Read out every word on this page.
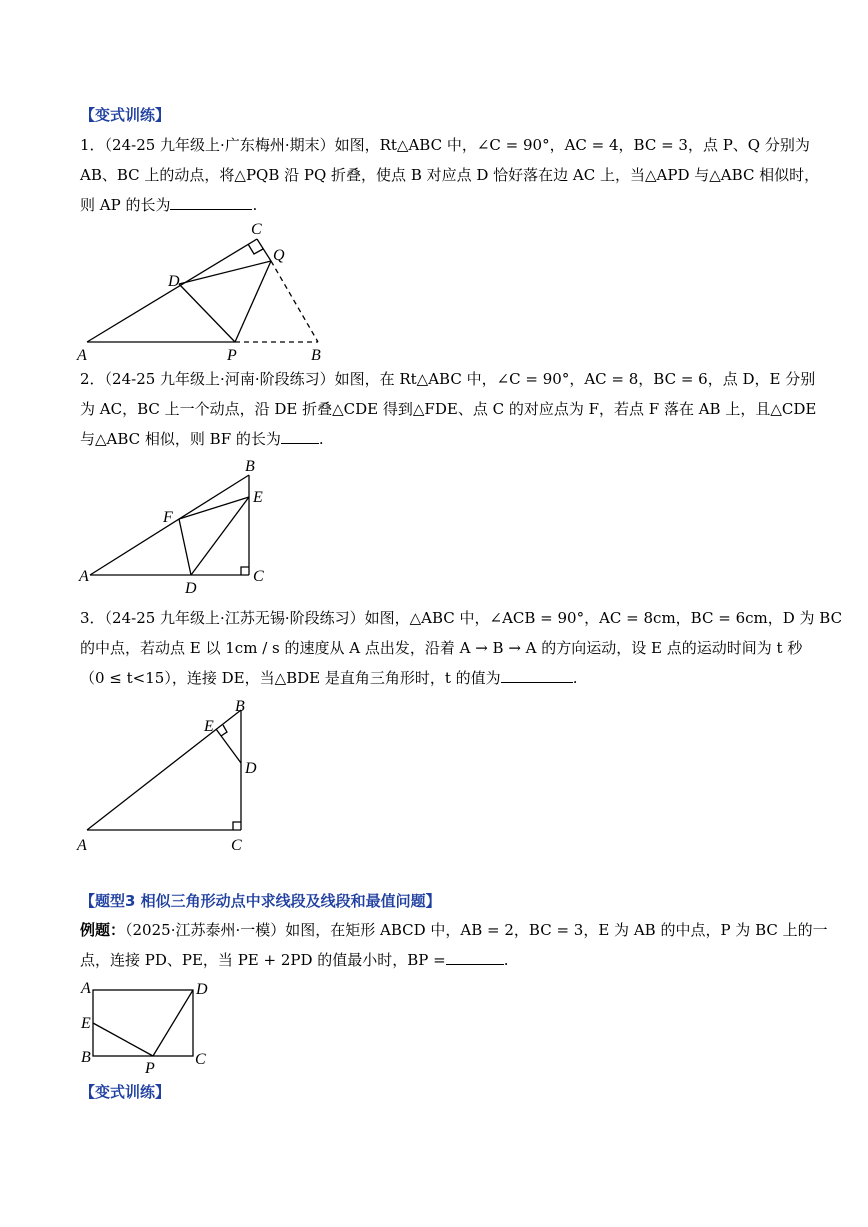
【变式训练】
1．（24-25 九年级上·广东梅州·期末）如图，Rt△ABC 中，∠C = 90°，AC = 4，BC = 3，点 P、Q 分别为
AB、BC 上的动点，将△PQB 沿 PQ 折叠，使点 B 对应点 D 恰好落在边 AC 上，当△APD 与△ABC 相似时，
则 AP 的长为	.
A	B
C
D
P
Q
2．（24-25 九年级上·河南·阶段练习）如图，在 Rt△ABC 中，∠C = 90°，AC = 8，BC = 6，点 D，E 分别
为 AC，BC 上一个动点，沿 DE 折叠△CDE 得到△FDE、点 C 的对应点为 F，若点 F 落在 AB 上，且△CDE
与△ABC 相似，则 BF 的长为	.
A
B
C
D
E
F
3．（24-25 九年级上·江苏无锡·阶段练习）如图，△ABC 中，∠ACB = 90°，AC = 8cm，BC = 6cm，D 为 BC
的中点，若动点 E 以 1cm / s 的速度从 A 点出发，沿着 A → B → A 的方向运动，设 E 点的运动时间为 t 秒
（0 ≤ t<15），连接 DE，当△BDE 是直角三角形时，t 的值为	.
A
B
C
D
E
【题型3 相似三角形动点中求线段及线段和最值问题】
例题：（2025·江苏泰州·一模）如图，在矩形 ABCD 中，AB = 2，BC = 3，E 为 AB 的中点，P 为 BC 上的一
点，连接 PD、PE，当 PE + 2PD 的值最小时，BP =	.
A
B	C
D
E
P
【变式训练】
